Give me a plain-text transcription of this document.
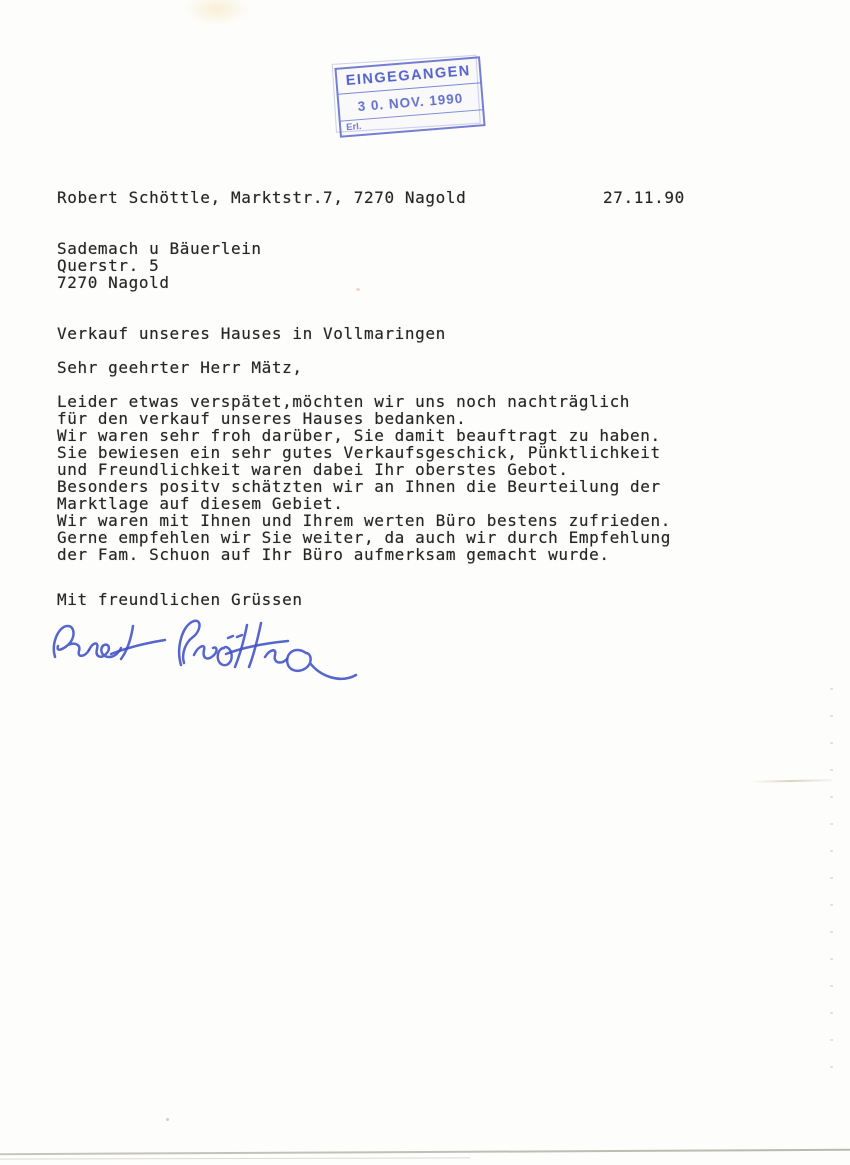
EINGEGANGEN
3 0. NOV. 1990
Erl.
Robert Schöttle, Marktstr.7, 7270 Nagold	27.11.90
Sademach u Bäuerlein
Querstr. 5
7270 Nagold
Verkauf unseres Hauses in Vollmaringen
Sehr geehrter Herr Mätz,
Leider etwas verspätet,möchten wir uns noch nachträglich
für den verkauf unseres Hauses bedanken.
Wir waren sehr froh darüber, Sie damit beauftragt zu haben.
Sie bewiesen ein sehr gutes Verkaufsgeschick, Pünktlichkeit
und Freundlichkeit waren dabei Ihr oberstes Gebot.
Besonders positv schätzten wir an Ihnen die Beurteilung der
Marktlage auf diesem Gebiet.
Wir waren mit Ihnen und Ihrem werten Büro bestens zufrieden.
Gerne empfehlen wir Sie weiter, da auch wir durch Empfehlung
der Fam. Schuon auf Ihr Büro aufmerksam gemacht wurde.
Mit freundlichen Grüssen
